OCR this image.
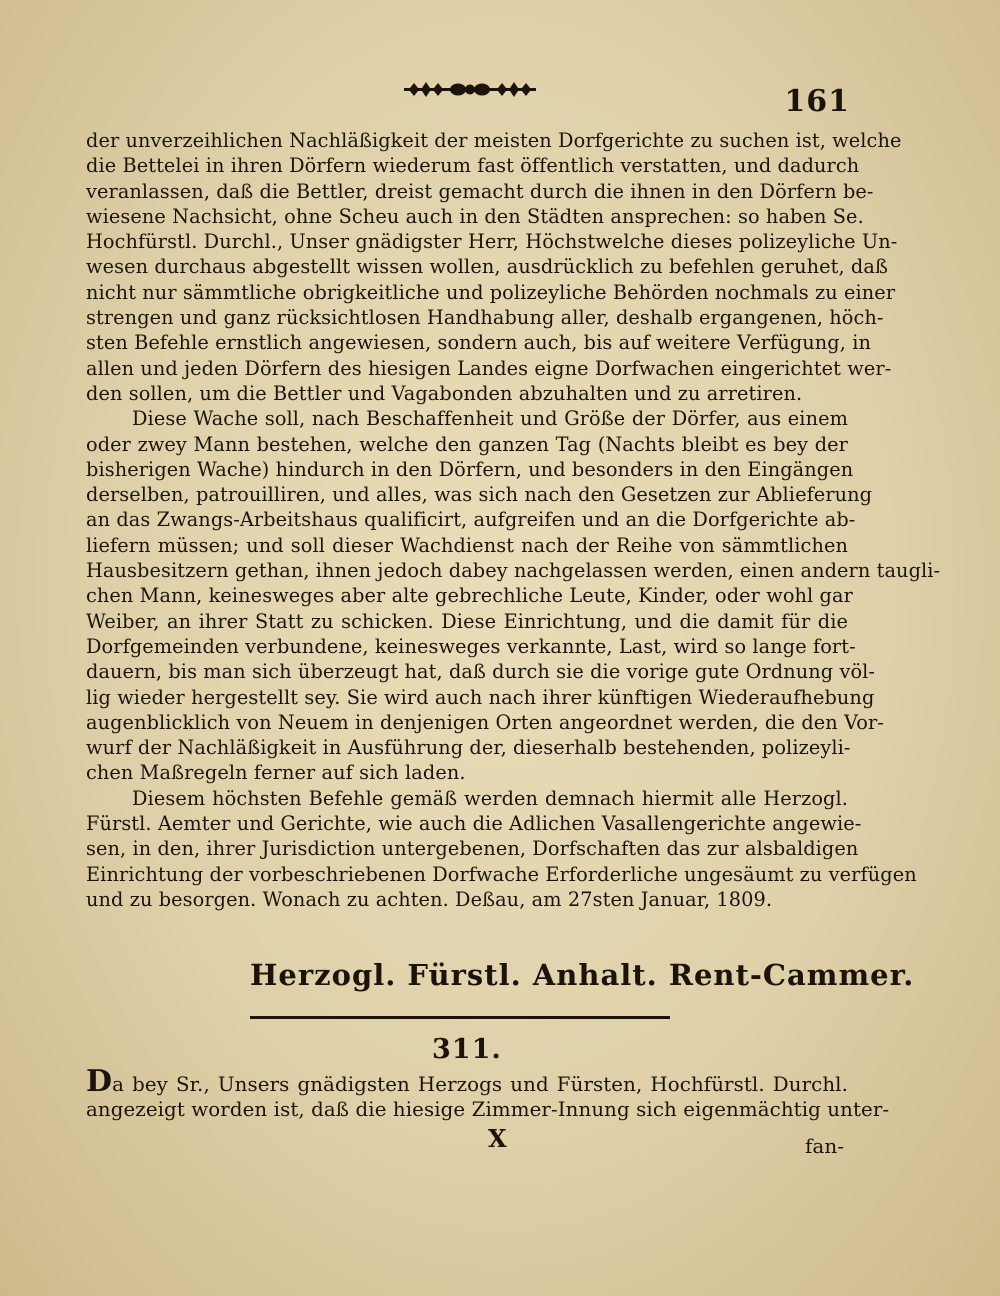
161
der unverzeihlichen Nachläßigkeit der meisten Dorfgerichte zu suchen ist, welche
die Bettelei in ihren Dörfern wiederum fast öffentlich verstatten, und dadurch
veranlassen, daß die Bettler, dreist gemacht durch die ihnen in den Dörfern be-
wiesene Nachsicht, ohne Scheu auch in den Städten ansprechen: so haben Se.
Hochfürstl. Durchl., Unser gnädigster Herr, Höchstwelche dieses polizeyliche Un-
wesen durchaus abgestellt wissen wollen, ausdrücklich zu befehlen geruhet, daß
nicht nur sämmtliche obrigkeitliche und polizeyliche Behörden nochmals zu einer
strengen und ganz rücksichtlosen Handhabung aller, deshalb ergangenen, höch-
sten Befehle ernstlich angewiesen, sondern auch, bis auf weitere Verfügung, in
allen und jeden Dörfern des hiesigen Landes eigne Dorfwachen eingerichtet wer-
den sollen, um die Bettler und Vagabonden abzuhalten und zu arretiren.
Diese Wache soll, nach Beschaffenheit und Größe der Dörfer, aus einem
oder zwey Mann bestehen, welche den ganzen Tag (Nachts bleibt es bey der
bisherigen Wache) hindurch in den Dörfern, und besonders in den Eingängen
derselben, patrouilliren, und alles, was sich nach den Gesetzen zur Ablieferung
an das Zwangs-Arbeitshaus qualificirt, aufgreifen und an die Dorfgerichte ab-
liefern müssen; und soll dieser Wachdienst nach der Reihe von sämmtlichen
Hausbesitzern gethan, ihnen jedoch dabey nachgelassen werden, einen andern taugli-
chen Mann, keinesweges aber alte gebrechliche Leute, Kinder, oder wohl gar
Weiber, an ihrer Statt zu schicken. Diese Einrichtung, und die damit für die
Dorfgemeinden verbundene, keinesweges verkannte, Last, wird so lange fort-
dauern, bis man sich überzeugt hat, daß durch sie die vorige gute Ordnung völ-
lig wieder hergestellt sey. Sie wird auch nach ihrer künftigen Wiederaufhebung
augenblicklich von Neuem in denjenigen Orten angeordnet werden, die den Vor-
wurf der Nachläßigkeit in Ausführung der, dieserhalb bestehenden, polizeyli-
chen Maßregeln ferner auf sich laden.
Diesem höchsten Befehle gemäß werden demnach hiermit alle Herzogl.
Fürstl. Aemter und Gerichte, wie auch die Adlichen Vasallengerichte angewie-
sen, in den, ihrer Jurisdiction untergebenen, Dorfschaften das zur alsbaldigen
Einrichtung der vorbeschriebenen Dorfwache Erforderliche ungesäumt zu verfügen
und zu besorgen. Wonach zu achten. Deßau, am 27sten Januar, 1809.
Herzogl. Fürstl. Anhalt. Rent-Cammer.
311.
Da bey Sr., Unsers gnädigsten Herzogs und Fürsten, Hochfürstl. Durchl.
angezeigt worden ist, daß die hiesige Zimmer-Innung sich eigenmächtig unter-
X	fan-
